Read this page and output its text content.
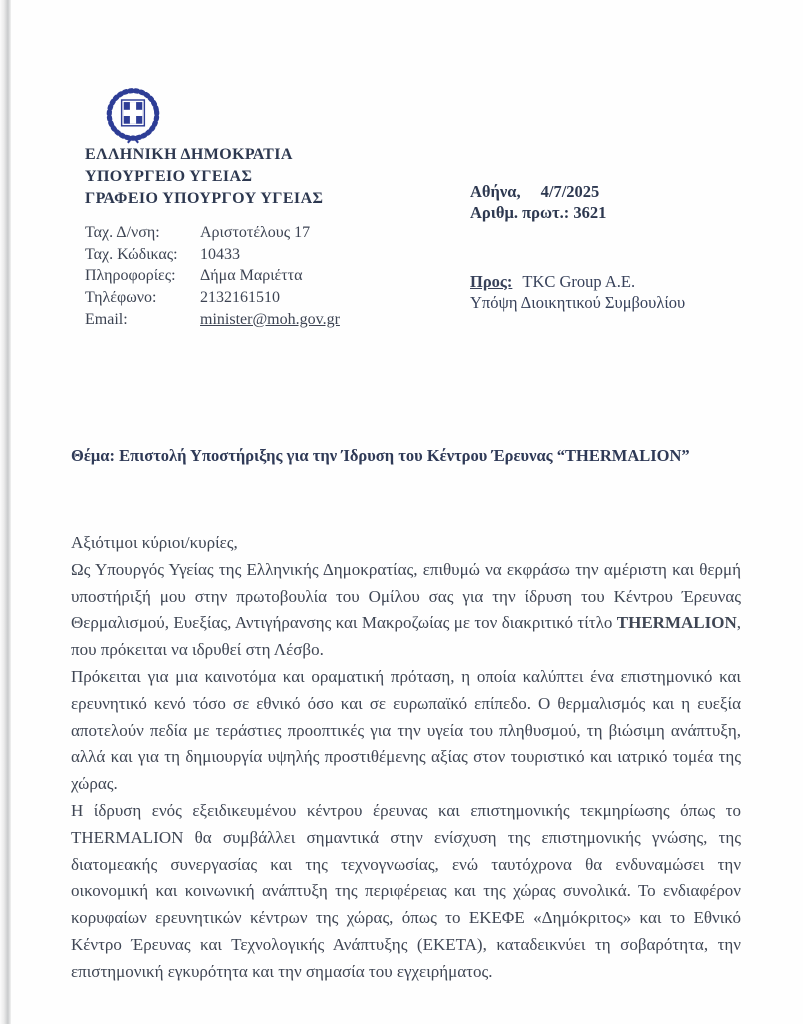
ΕΛΛΗΝΙΚΗ ΔΗΜΟΚΡΑΤΙΑ
ΥΠΟΥΡΓΕΙΟ ΥΓΕΙΑΣ
ΓΡΑΦΕΙΟ ΥΠΟΥΡΓΟΥ ΥΓΕΙΑΣ	Αθήνα, 4/7/2025
Αριθμ. πρωτ.: 3621
Ταχ. Δ/νση:	Αριστοτέλους 17
Ταχ. Κώδικας:	10433
Πληροφορίες:	Δήμα Μαριέττα
Τηλέφωνο:	2132161510
Email:	minister@moh.gov.gr
Προς: TKC Group A.E.
Υπόψη Διοικητικού Συμβουλίου
Θέμα: Επιστολή Υποστήριξης για την Ίδρυση του Κέντρου Έρευνας “THERMALION”

Αξιότιμοι κύριοι/κυρίες,

Ως Υπουργός Υγείας της Ελληνικής Δημοκρατίας, επιθυμώ να εκφράσω την αμέριστη και θερμή υποστήριξή μου στην πρωτοβουλία του Ομίλου σας για την ίδρυση του Κέντρου Έρευνας Θερμαλισμού, Ευεξίας, Αντιγήρανσης και Μακροζωίας με τον διακριτικό τίτλο THERMALION, που πρόκειται να ιδρυθεί στη Λέσβο.

Πρόκειται για μια καινοτόμα και οραματική πρόταση, η οποία καλύπτει ένα επιστημονικό και ερευνητικό κενό τόσο σε εθνικό όσο και σε ευρωπαϊκό επίπεδο. Ο θερμαλισμός και η ευεξία αποτελούν πεδία με τεράστιες προοπτικές για την υγεία του πληθυσμού, τη βιώσιμη ανάπτυξη, αλλά και για τη δημιουργία υψηλής προστιθέμενης αξίας στον τουριστικό και ιατρικό τομέα της χώρας.

Η ίδρυση ενός εξειδικευμένου κέντρου έρευνας και επιστημονικής τεκμηρίωσης όπως το THERMALION θα συμβάλλει σημαντικά στην ενίσχυση της επιστημονικής γνώσης, της διατομεακής συνεργασίας και της τεχνογνωσίας, ενώ ταυτόχρονα θα ενδυναμώσει την οικονομική και κοινωνική ανάπτυξη της περιφέρειας και της χώρας συνολικά. Το ενδιαφέρον κορυφαίων ερευνητικών κέντρων της χώρας, όπως το ΕΚΕΦΕ «Δημόκριτος» και το Εθνικό Κέντρο Έρευνας και Τεχνολογικής Ανάπτυξης (ΕΚΕΤΑ), καταδεικνύει τη σοβαρότητα, την επιστημονική εγκυρότητα και την σημασία του εγχειρήματος.
